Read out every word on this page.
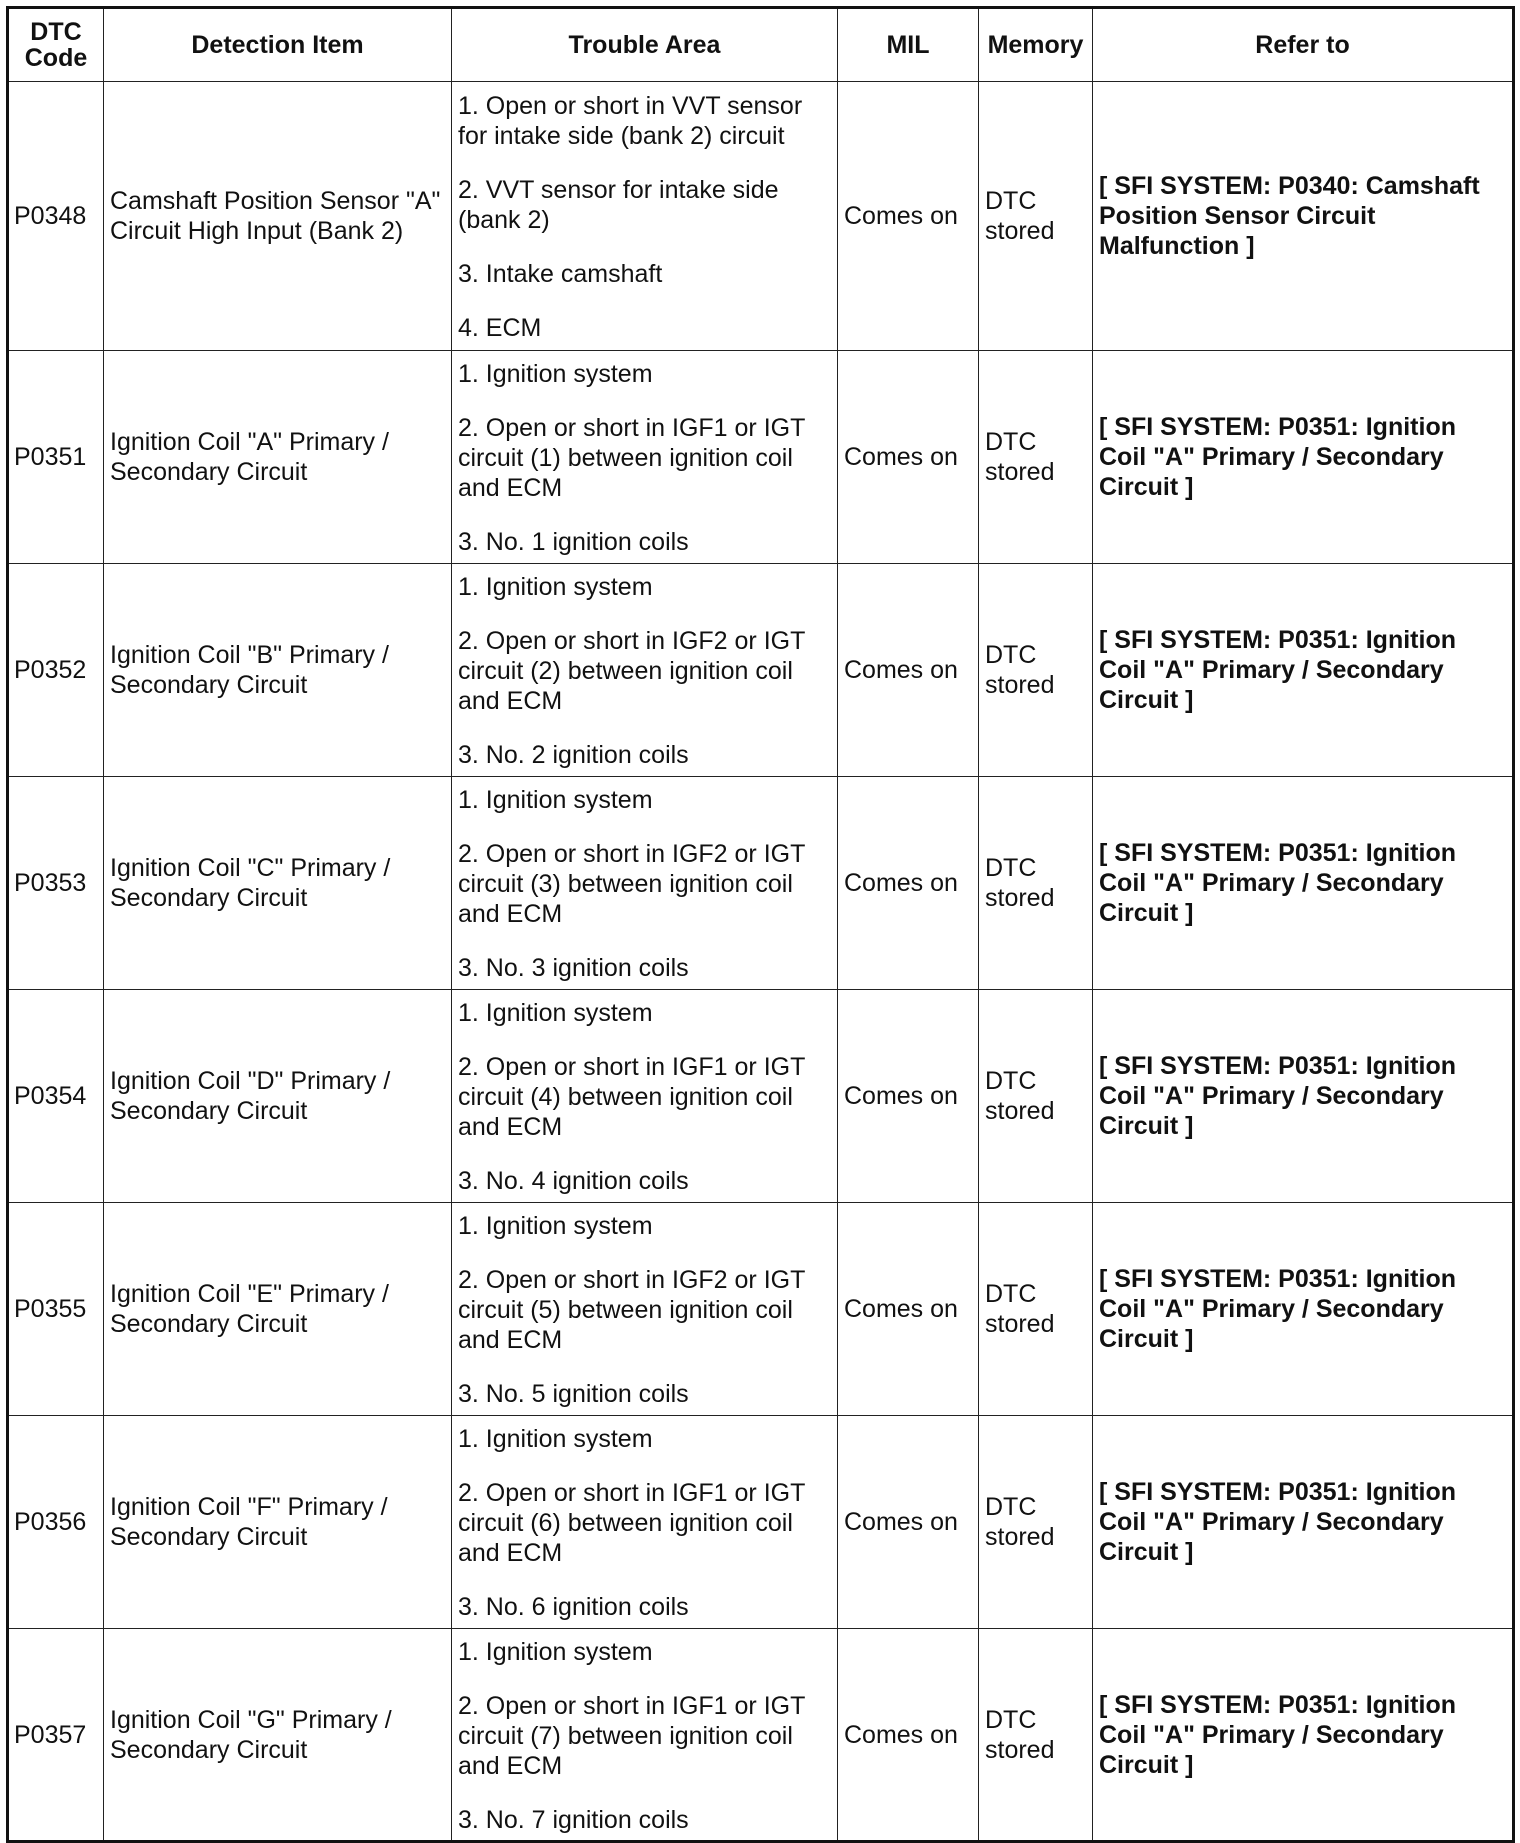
DTC
Code	Detection Item	Trouble Area	MIL	Memory	Refer to
P0348	Camshaft Position Sensor "A" Circuit High Input (Bank 2)	1. Open or short in VVT sensor for intake side (bank 2) circuit
2. VVT sensor for intake side (bank 2)
3. Intake camshaft
4. ECM	Comes on	DTC stored	[ SFI SYSTEM: P0340: Camshaft Position Sensor Circuit Malfunction ]
P0351	Ignition Coil "A" Primary / Secondary Circuit	1. Ignition system
2. Open or short in IGF1 or IGT circuit (1) between ignition coil and ECM
3. No. 1 ignition coils	Comes on	DTC stored	[ SFI SYSTEM: P0351: Ignition Coil "A" Primary / Secondary Circuit ]
P0352	Ignition Coil "B" Primary / Secondary Circuit	1. Ignition system
2. Open or short in IGF2 or IGT circuit (2) between ignition coil and ECM
3. No. 2 ignition coils	Comes on	DTC stored	[ SFI SYSTEM: P0351: Ignition Coil "A" Primary / Secondary Circuit ]
P0353	Ignition Coil "C" Primary / Secondary Circuit	1. Ignition system
2. Open or short in IGF2 or IGT circuit (3) between ignition coil and ECM
3. No. 3 ignition coils	Comes on	DTC stored	[ SFI SYSTEM: P0351: Ignition Coil "A" Primary / Secondary Circuit ]
P0354	Ignition Coil "D" Primary / Secondary Circuit	1. Ignition system
2. Open or short in IGF1 or IGT circuit (4) between ignition coil and ECM
3. No. 4 ignition coils	Comes on	DTC stored	[ SFI SYSTEM: P0351: Ignition Coil "A" Primary / Secondary Circuit ]
P0355	Ignition Coil "E" Primary / Secondary Circuit	1. Ignition system
2. Open or short in IGF2 or IGT circuit (5) between ignition coil and ECM
3. No. 5 ignition coils	Comes on	DTC stored	[ SFI SYSTEM: P0351: Ignition Coil "A" Primary / Secondary Circuit ]
P0356	Ignition Coil "F" Primary / Secondary Circuit	1. Ignition system
2. Open or short in IGF1 or IGT circuit (6) between ignition coil and ECM
3. No. 6 ignition coils	Comes on	DTC stored	[ SFI SYSTEM: P0351: Ignition Coil "A" Primary / Secondary Circuit ]
P0357	Ignition Coil "G" Primary / Secondary Circuit	1. Ignition system
2. Open or short in IGF1 or IGT circuit (7) between ignition coil and ECM
3. No. 7 ignition coils	Comes on	DTC stored	[ SFI SYSTEM: P0351: Ignition Coil "A" Primary / Secondary Circuit ]
